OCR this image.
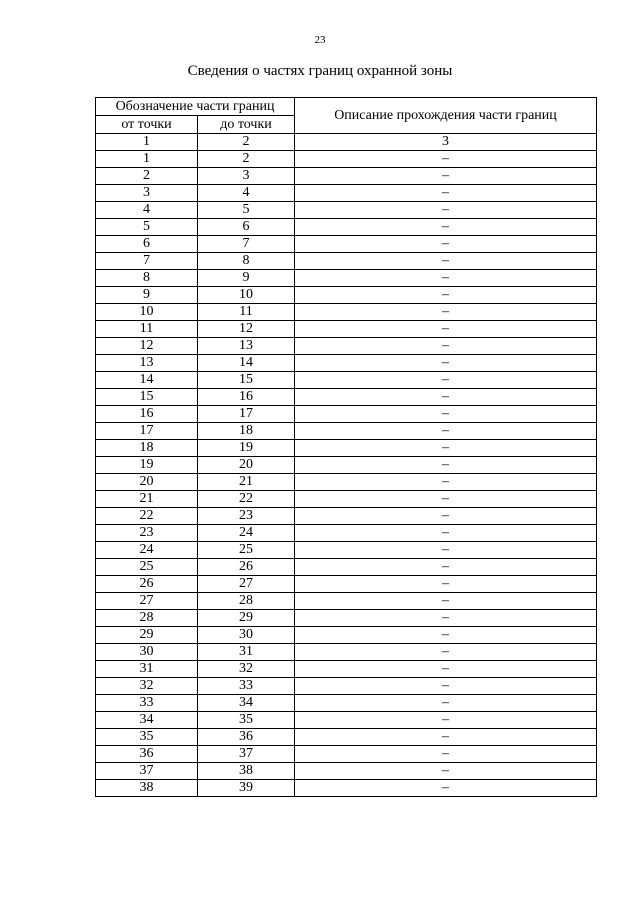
23
Сведения о частях границ охранной зоны
Обозначение части границ		Описание прохождения части границ
от точки	до точки	
1	2	3
1	2	–
2	3	–
3	4	–
4	5	–
5	6	–
6	7	–
7	8	–
8	9	–
9	10	–
10	11	–
11	12	–
12	13	–
13	14	–
14	15	–
15	16	–
16	17	–
17	18	–
18	19	–
19	20	–
20	21	–
21	22	–
22	23	–
23	24	–
24	25	–
25	26	–
26	27	–
27	28	–
28	29	–
29	30	–
30	31	–
31	32	–
32	33	–
33	34	–
34	35	–
35	36	–
36	37	–
37	38	–
38	39	–
